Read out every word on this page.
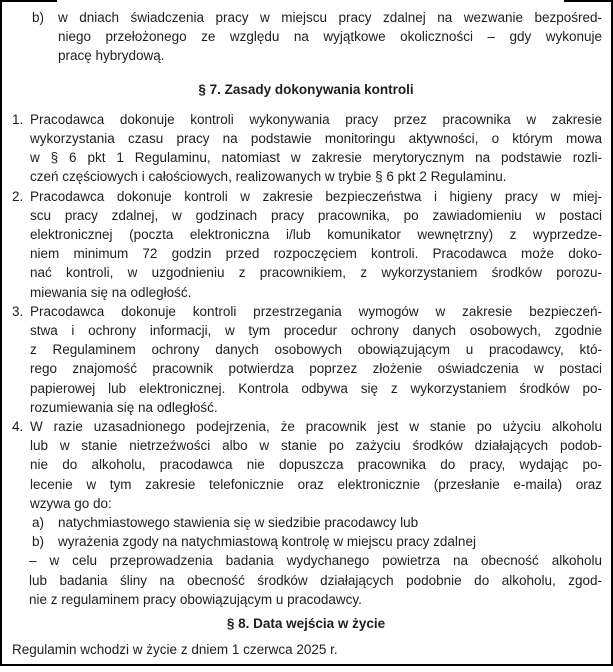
b) w dniach świadczenia pracy w miejscu pracy zdalnej na wezwanie bezpośred-
niego przełożonego ze względu na wyjątkowe okoliczności – gdy wykonuje
pracę hybrydową.
§ 7. Zasady dokonywania kontroli
1. Pracodawca dokonuje kontroli wykonywania pracy przez pracownika w zakresie
wykorzystania czasu pracy na podstawie monitoringu aktywności, o którym mowa
w § 6 pkt 1 Regulaminu, natomiast w zakresie merytorycznym na podstawie rozli-
czeń częściowych i całościowych, realizowanych w trybie § 6 pkt 2 Regulaminu.
2. Pracodawca dokonuje kontroli w zakresie bezpieczeństwa i higieny pracy w miej-
scu pracy zdalnej, w godzinach pracy pracownika, po zawiadomieniu w postaci
elektronicznej (poczta elektroniczna i/lub komunikator wewnętrzny) z wyprzedze-
niem minimum 72 godzin przed rozpoczęciem kontroli. Pracodawca może doko-
nać kontroli, w uzgodnieniu z pracownikiem, z wykorzystaniem środków porozu-
miewania się na odległość.
3. Pracodawca dokonuje kontroli przestrzegania wymogów w zakresie bezpieczeń-
stwa i ochrony informacji, w tym procedur ochrony danych osobowych, zgodnie
z Regulaminem ochrony danych osobowych obowiązującym u pracodawcy, któ-
rego znajomość pracownik potwierdza poprzez złożenie oświadczenia w postaci
papierowej lub elektronicznej. Kontrola odbywa się z wykorzystaniem środków po-
rozumiewania się na odległość.
4. W razie uzasadnionego podejrzenia, że pracownik jest w stanie po użyciu alkoholu
lub w stanie nietrzeźwości albo w stanie po zażyciu środków działających podob-
nie do alkoholu, pracodawca nie dopuszcza pracownika do pracy, wydając po-
lecenie w tym zakresie telefonicznie oraz elektronicznie (przesłanie e-maila) oraz
wzywa go do:
a) natychmiastowego stawienia się w siedzibie pracodawcy lub
b) wyrażenia zgody na natychmiastową kontrolę w miejscu pracy zdalnej
– w celu przeprowadzenia badania wydychanego powietrza na obecność alkoholu
lub badania śliny na obecność środków działających podobnie do alkoholu, zgod-
nie z regulaminem pracy obowiązującym u pracodawcy.
§ 8. Data wejścia w życie
Regulamin wchodzi w życie z dniem 1 czerwca 2025 r.
